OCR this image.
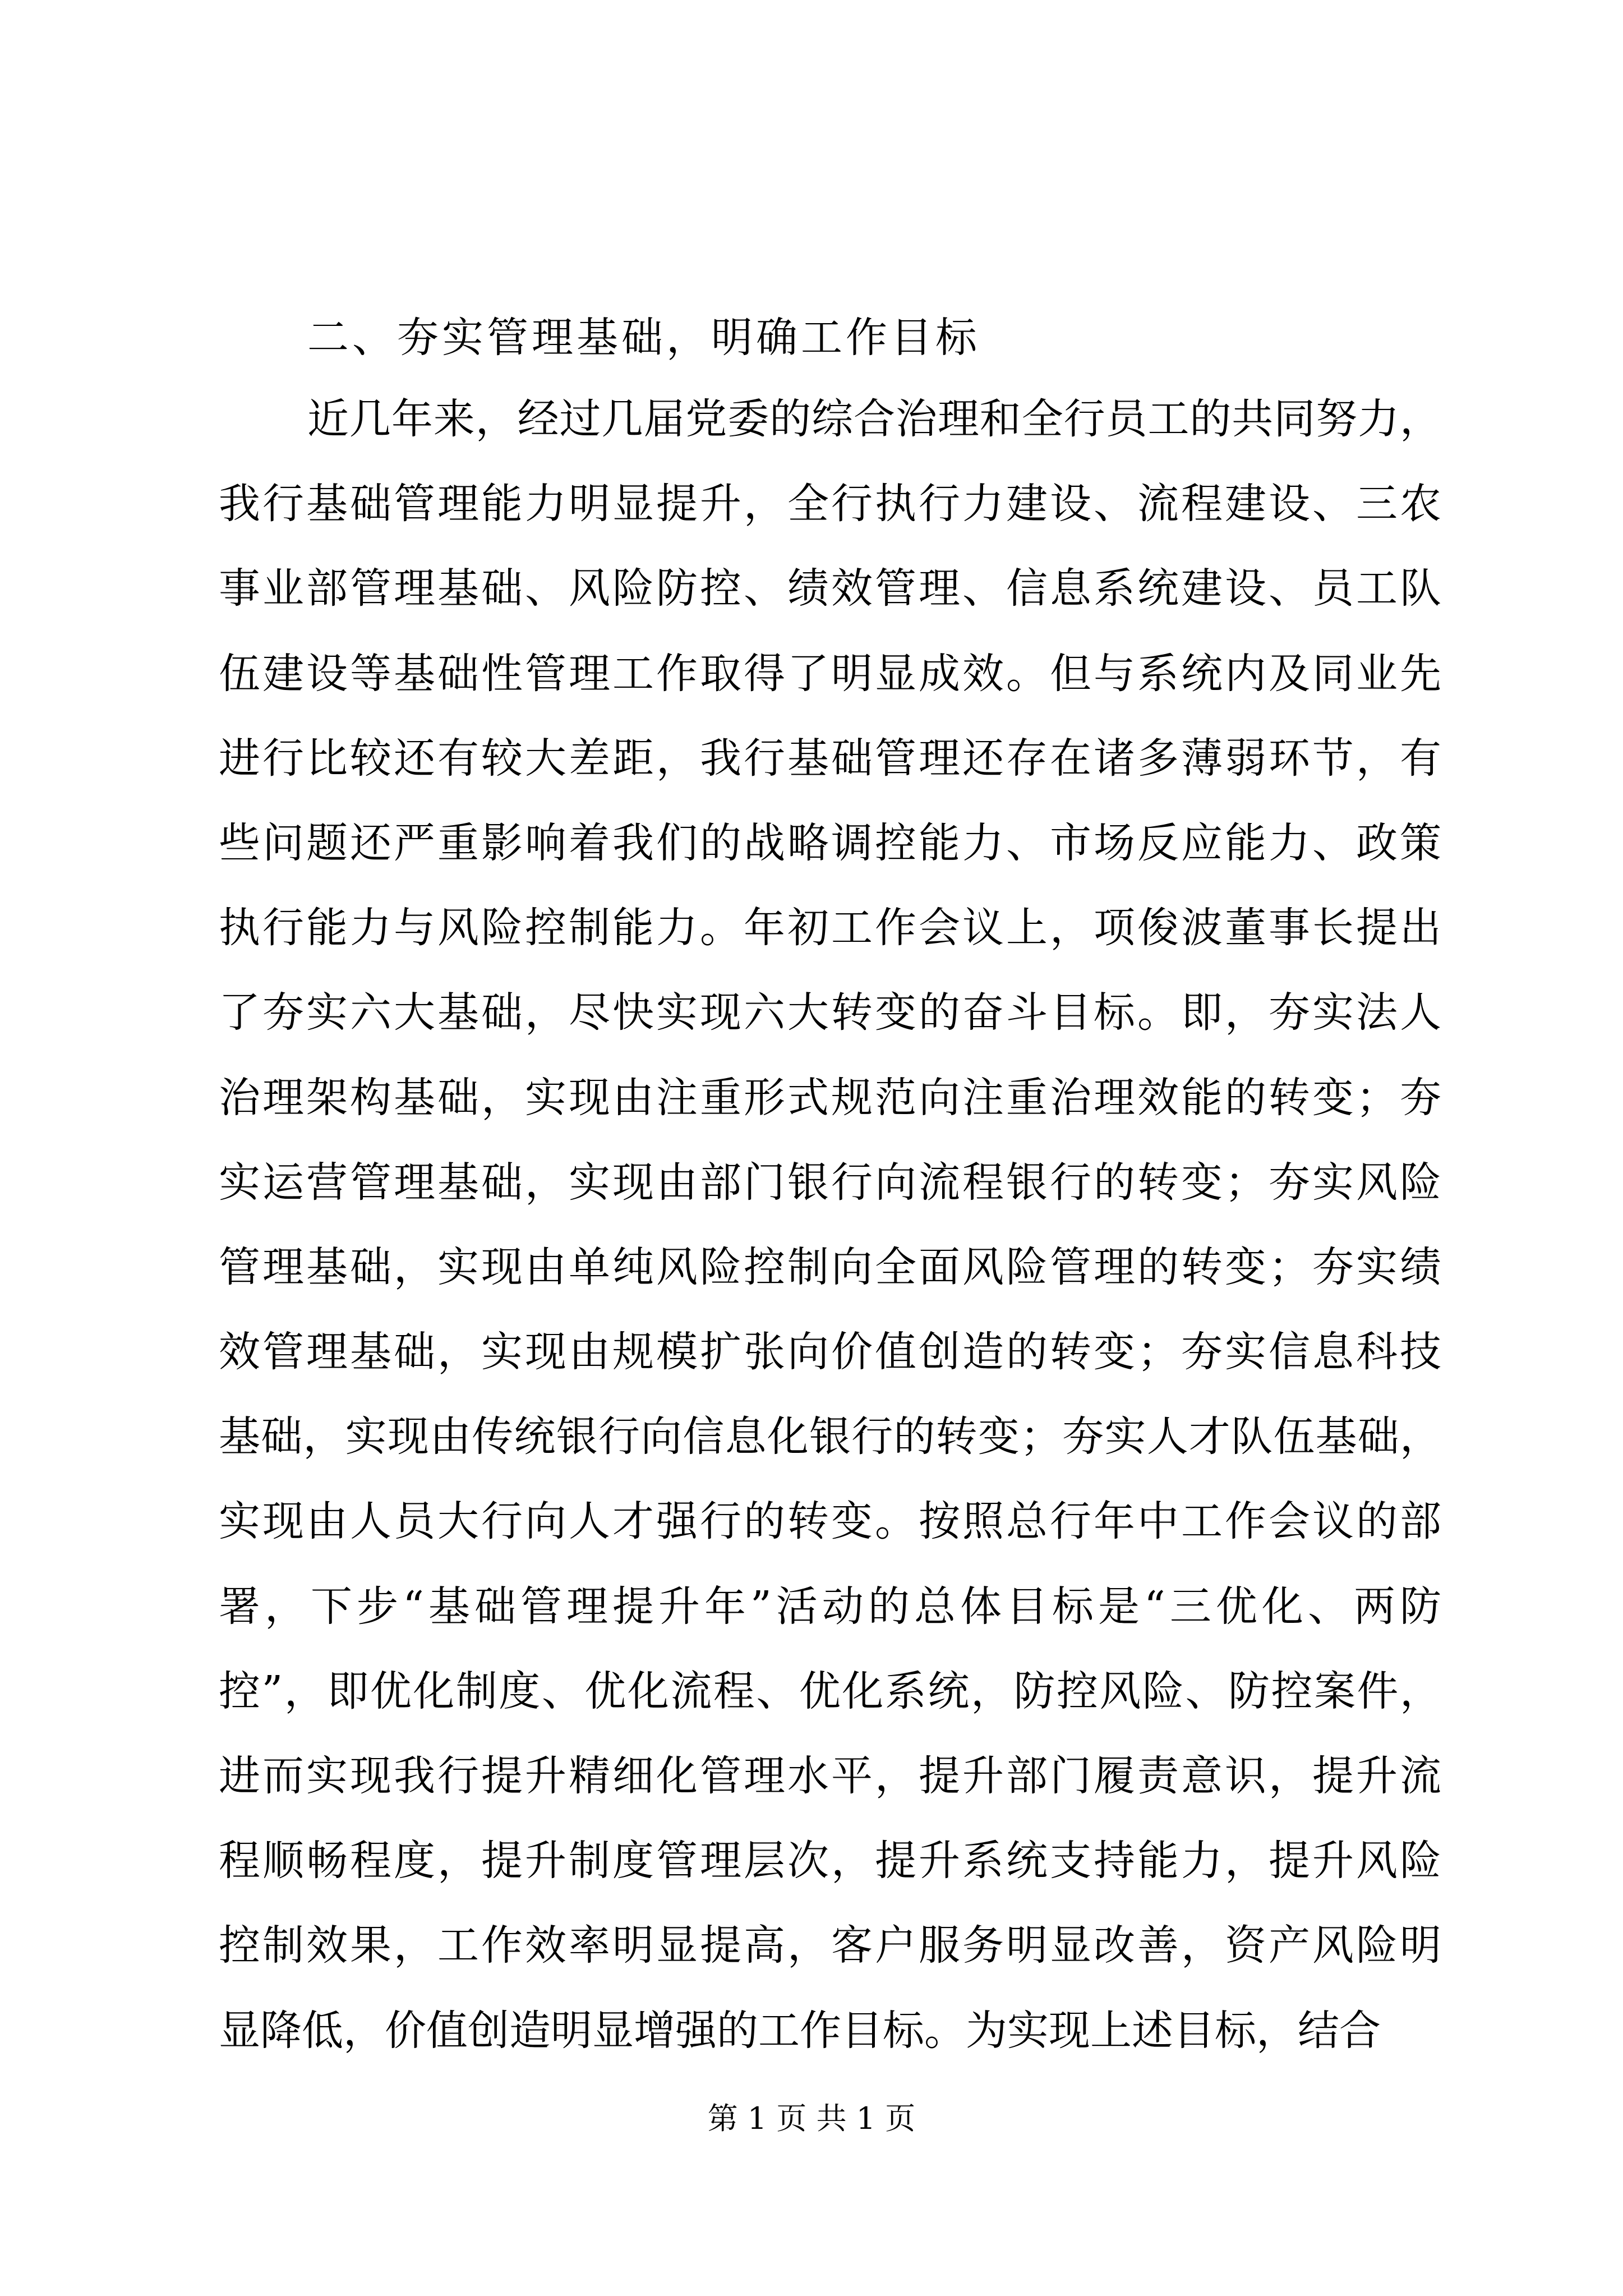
二、夯实管理基础，明确工作目标
近几年来，经过几届党委的综合治理和全行员工的共同努力，
我行基础管理能力明显提升，全行执行力建设、流程建设、三农
事业部管理基础、风险防控、绩效管理、信息系统建设、员工队
伍建设等基础性管理工作取得了明显成效。但与系统内及同业先
进行比较还有较大差距，我行基础管理还存在诸多薄弱环节，有
些问题还严重影响着我们的战略调控能力、市场反应能力、政策
执行能力与风险控制能力。年初工作会议上，项俊波董事长提出
了夯实六大基础，尽快实现六大转变的奋斗目标。即，夯实法人
治理架构基础，实现由注重形式规范向注重治理效能的转变；夯
实运营管理基础，实现由部门银行向流程银行的转变；夯实风险
管理基础，实现由单纯风险控制向全面风险管理的转变；夯实绩
效管理基础，实现由规模扩张向价值创造的转变；夯实信息科技
基础，实现由传统银行向信息化银行的转变；夯实人才队伍基础，
实现由人员大行向人才强行的转变。按照总行年中工作会议的部
署，下步“基础管理提升年”活动的总体目标是“三优化、两防
控”，即优化制度、优化流程、优化系统，防控风险、防控案件，
进而实现我行提升精细化管理水平，提升部门履责意识，提升流
程顺畅程度，提升制度管理层次，提升系统支持能力，提升风险
控制效果，工作效率明显提高，客户服务明显改善，资产风险明
显降低，价值创造明显增强的工作目标。为实现上述目标，结合
第 1 页 共 1 页
